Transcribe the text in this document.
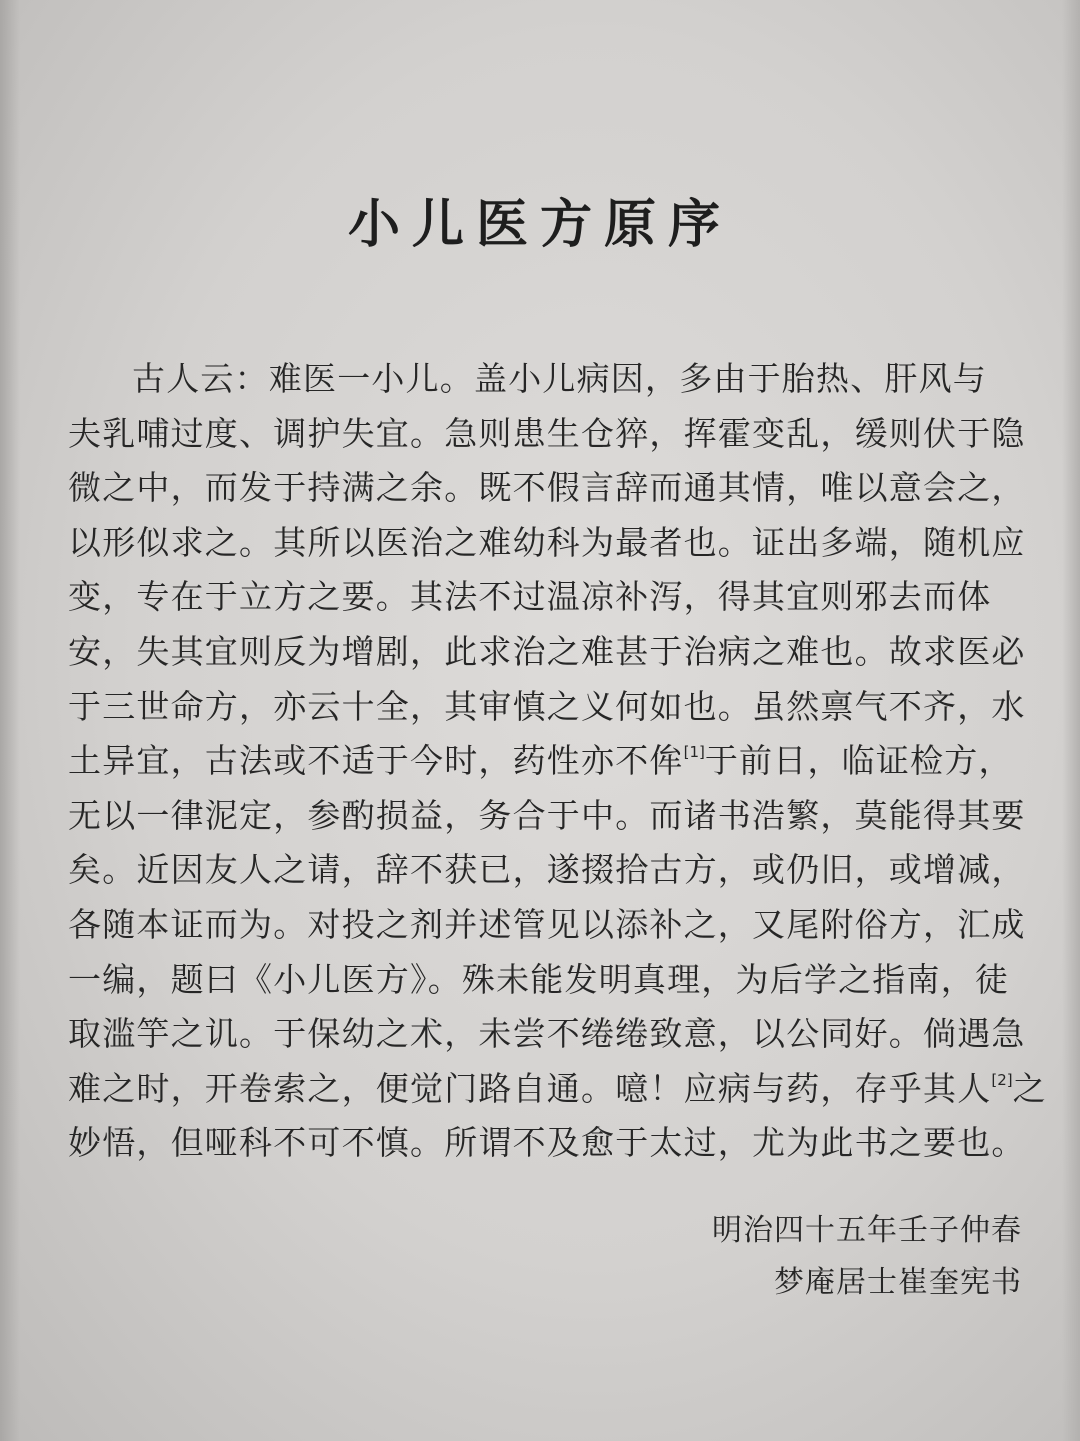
小儿医方原序
古人云：难医一小儿。盖小儿病因，多由于胎热、肝风与
夫乳哺过度、调护失宜。急则患生仓猝，挥霍变乱，缓则伏于隐
微之中，而发于持满之余。既不假言辞而通其情，唯以意会之，
以形似求之。其所以医治之难幼科为最者也。证出多端，随机应
变，专在于立方之要。其法不过温凉补泻，得其宜则邪去而体
安，失其宜则反为增剧，此求治之难甚于治病之难也。故求医必
于三世命方，亦云十全，其审慎之义何如也。虽然禀气不齐，水
土异宜，古法或不适于今时，药性亦不侔[1]于前日，临证检方，
无以一律泥定，参酌损益，务合于中。而诸书浩繁，莫能得其要
矣。近因友人之请，辞不获已，遂掇拾古方，或仍旧，或增减，
各随本证而为。对投之剂并述管见以添补之，又尾附俗方，汇成
一编，题曰《小儿医方》。殊未能发明真理，为后学之指南，徒
取滥竽之讥。于保幼之术，未尝不绻绻致意，以公同好。倘遇急
难之时，开卷索之，便觉门路自通。噫！应病与药，存乎其人[2]之
妙悟，但哑科不可不慎。所谓不及愈于太过，尤为此书之要也。
明治四十五年壬子仲春
梦庵居士崔奎宪书
